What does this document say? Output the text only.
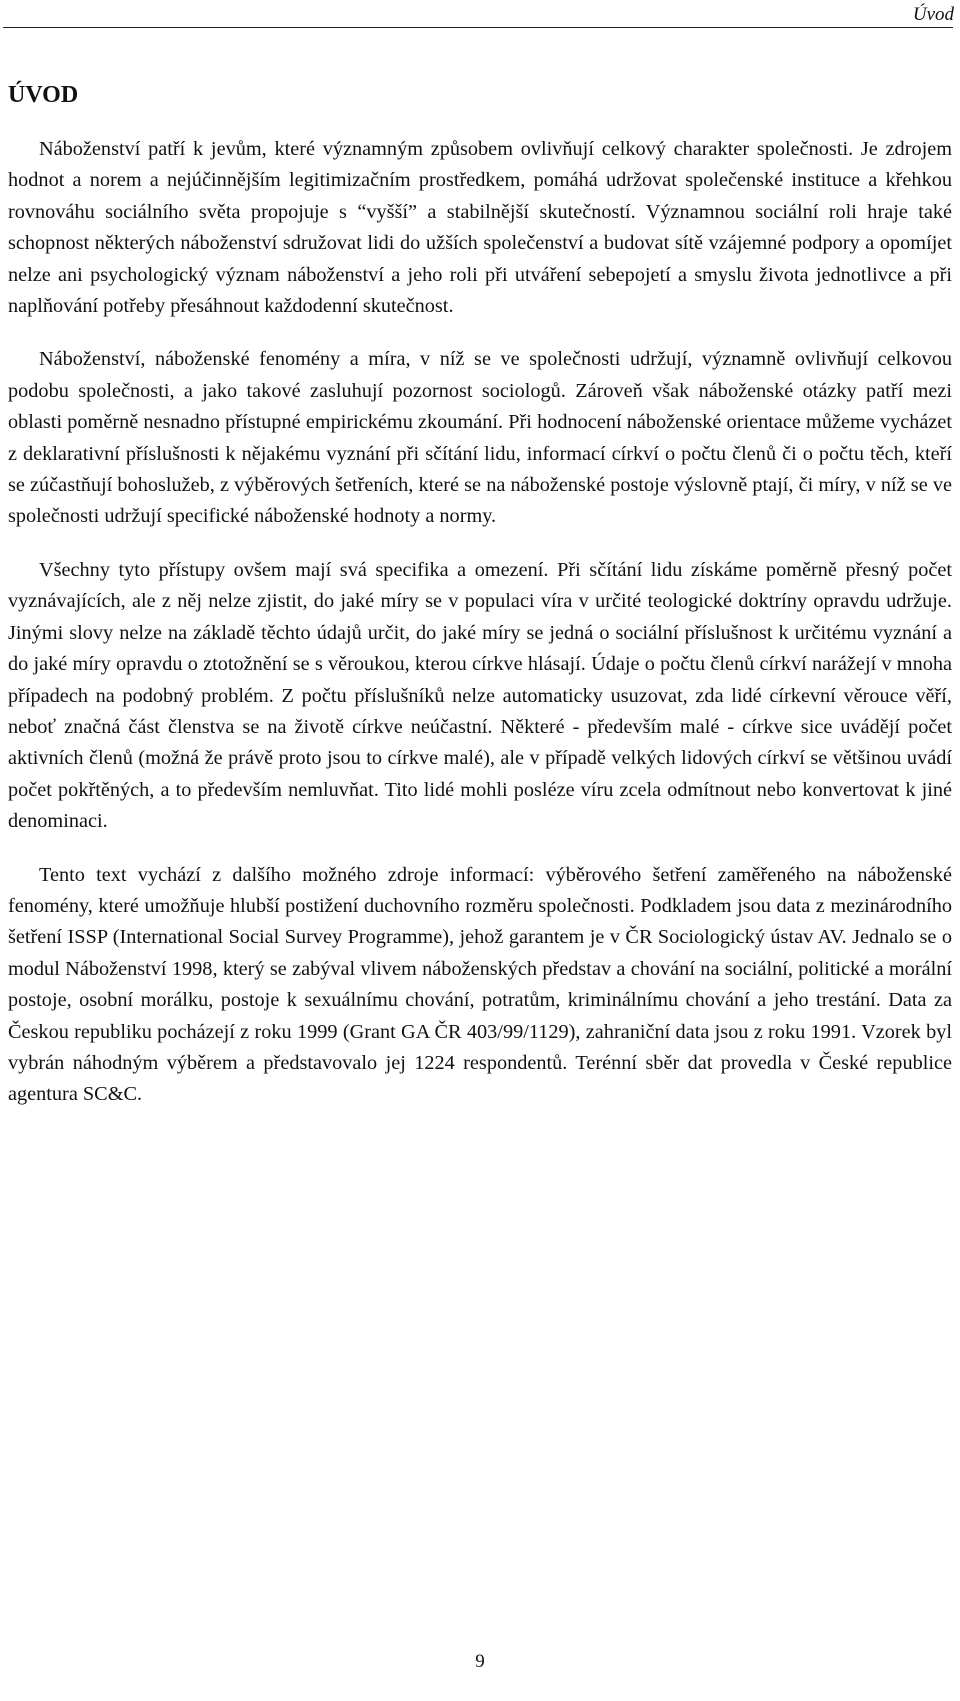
Úvod
ÚVOD

Náboženství patří k jevům, které významným způsobem ovlivňují celkový charakter společnosti. Je zdrojem hodnot a norem a nejúčinnějším legitimizačním prostředkem, pomáhá udržovat společenské instituce a křehkou rovnováhu sociálního světa propojuje s “vyšší” a stabilnější skutečností. Významnou sociální roli hraje také schopnost některých náboženství sdružovat lidi do užších společenství a budovat sítě vzájemné podpory a opomíjet nelze ani psychologický význam náboženství a jeho roli při utváření sebepojetí a smyslu života jednotlivce a při naplňování potřeby přesáhnout každodenní skutečnost.

Náboženství, náboženské fenomény a míra, v níž se ve společnosti udržují, významně ovlivňují celkovou podobu společnosti, a jako takové zasluhují pozornost sociologů. Zároveň však náboženské otázky patří mezi oblasti poměrně nesnadno přístupné empirickému zkoumání. Při hodnocení náboženské orientace můžeme vycházet z deklarativní příslušnosti k nějakému vyznání při sčítání lidu, informací církví o počtu členů či o počtu těch, kteří se zúčastňují bohoslužeb, z výběrových šetřeních, které se na náboženské postoje výslovně ptají, či míry, v níž se ve společnosti udržují specifické náboženské hodnoty a normy.

Všechny tyto přístupy ovšem mají svá specifika a omezení. Při sčítání lidu získáme poměrně přesný počet vyznávajících, ale z něj nelze zjistit, do jaké míry se v populaci víra v určité teologické doktríny opravdu udržuje. Jinými slovy nelze na základě těchto údajů určit, do jaké míry se jedná o sociální příslušnost k určitému vyznání a do jaké míry opravdu o ztotožnění se s věroukou, kterou církve hlásají. Údaje o počtu členů církví narážejí v mnoha případech na podobný problém. Z počtu příslušníků nelze automaticky usuzovat, zda lidé církevní věrouce věří, neboť značná část členstva se na životě církve neúčastní. Některé - především malé - církve sice uvádějí počet aktivních členů (možná že právě proto jsou to církve malé), ale v případě velkých lidových církví se většinou uvádí počet pokřtěných, a to především nemluvňat. Tito lidé mohli posléze víru zcela odmítnout nebo konvertovat k jiné denominaci.

Tento text vychází z dalšího možného zdroje informací: výběrového šetření zaměřeného na náboženské fenomény, které umožňuje hlubší postižení duchovního rozměru společnosti. Podkladem jsou data z mezinárodního šetření ISSP (International Social Survey Programme), jehož garantem je v ČR Sociologický ústav AV. Jednalo se o modul Náboženství 1998, který se zabýval vlivem náboženských představ a chování na sociální, politické a morální postoje, osobní morálku, postoje k sexuálnímu chování, potratům, kriminálnímu chování a jeho trestání. Data za Českou republiku pocházejí z roku 1999 (Grant GA ČR 403/99/1129), zahraniční data jsou z roku 1991. Vzorek byl vybrán náhodným výběrem a představovalo jej 1224 respondentů. Terénní sběr dat provedla v České republice agentura SC&C.

9
